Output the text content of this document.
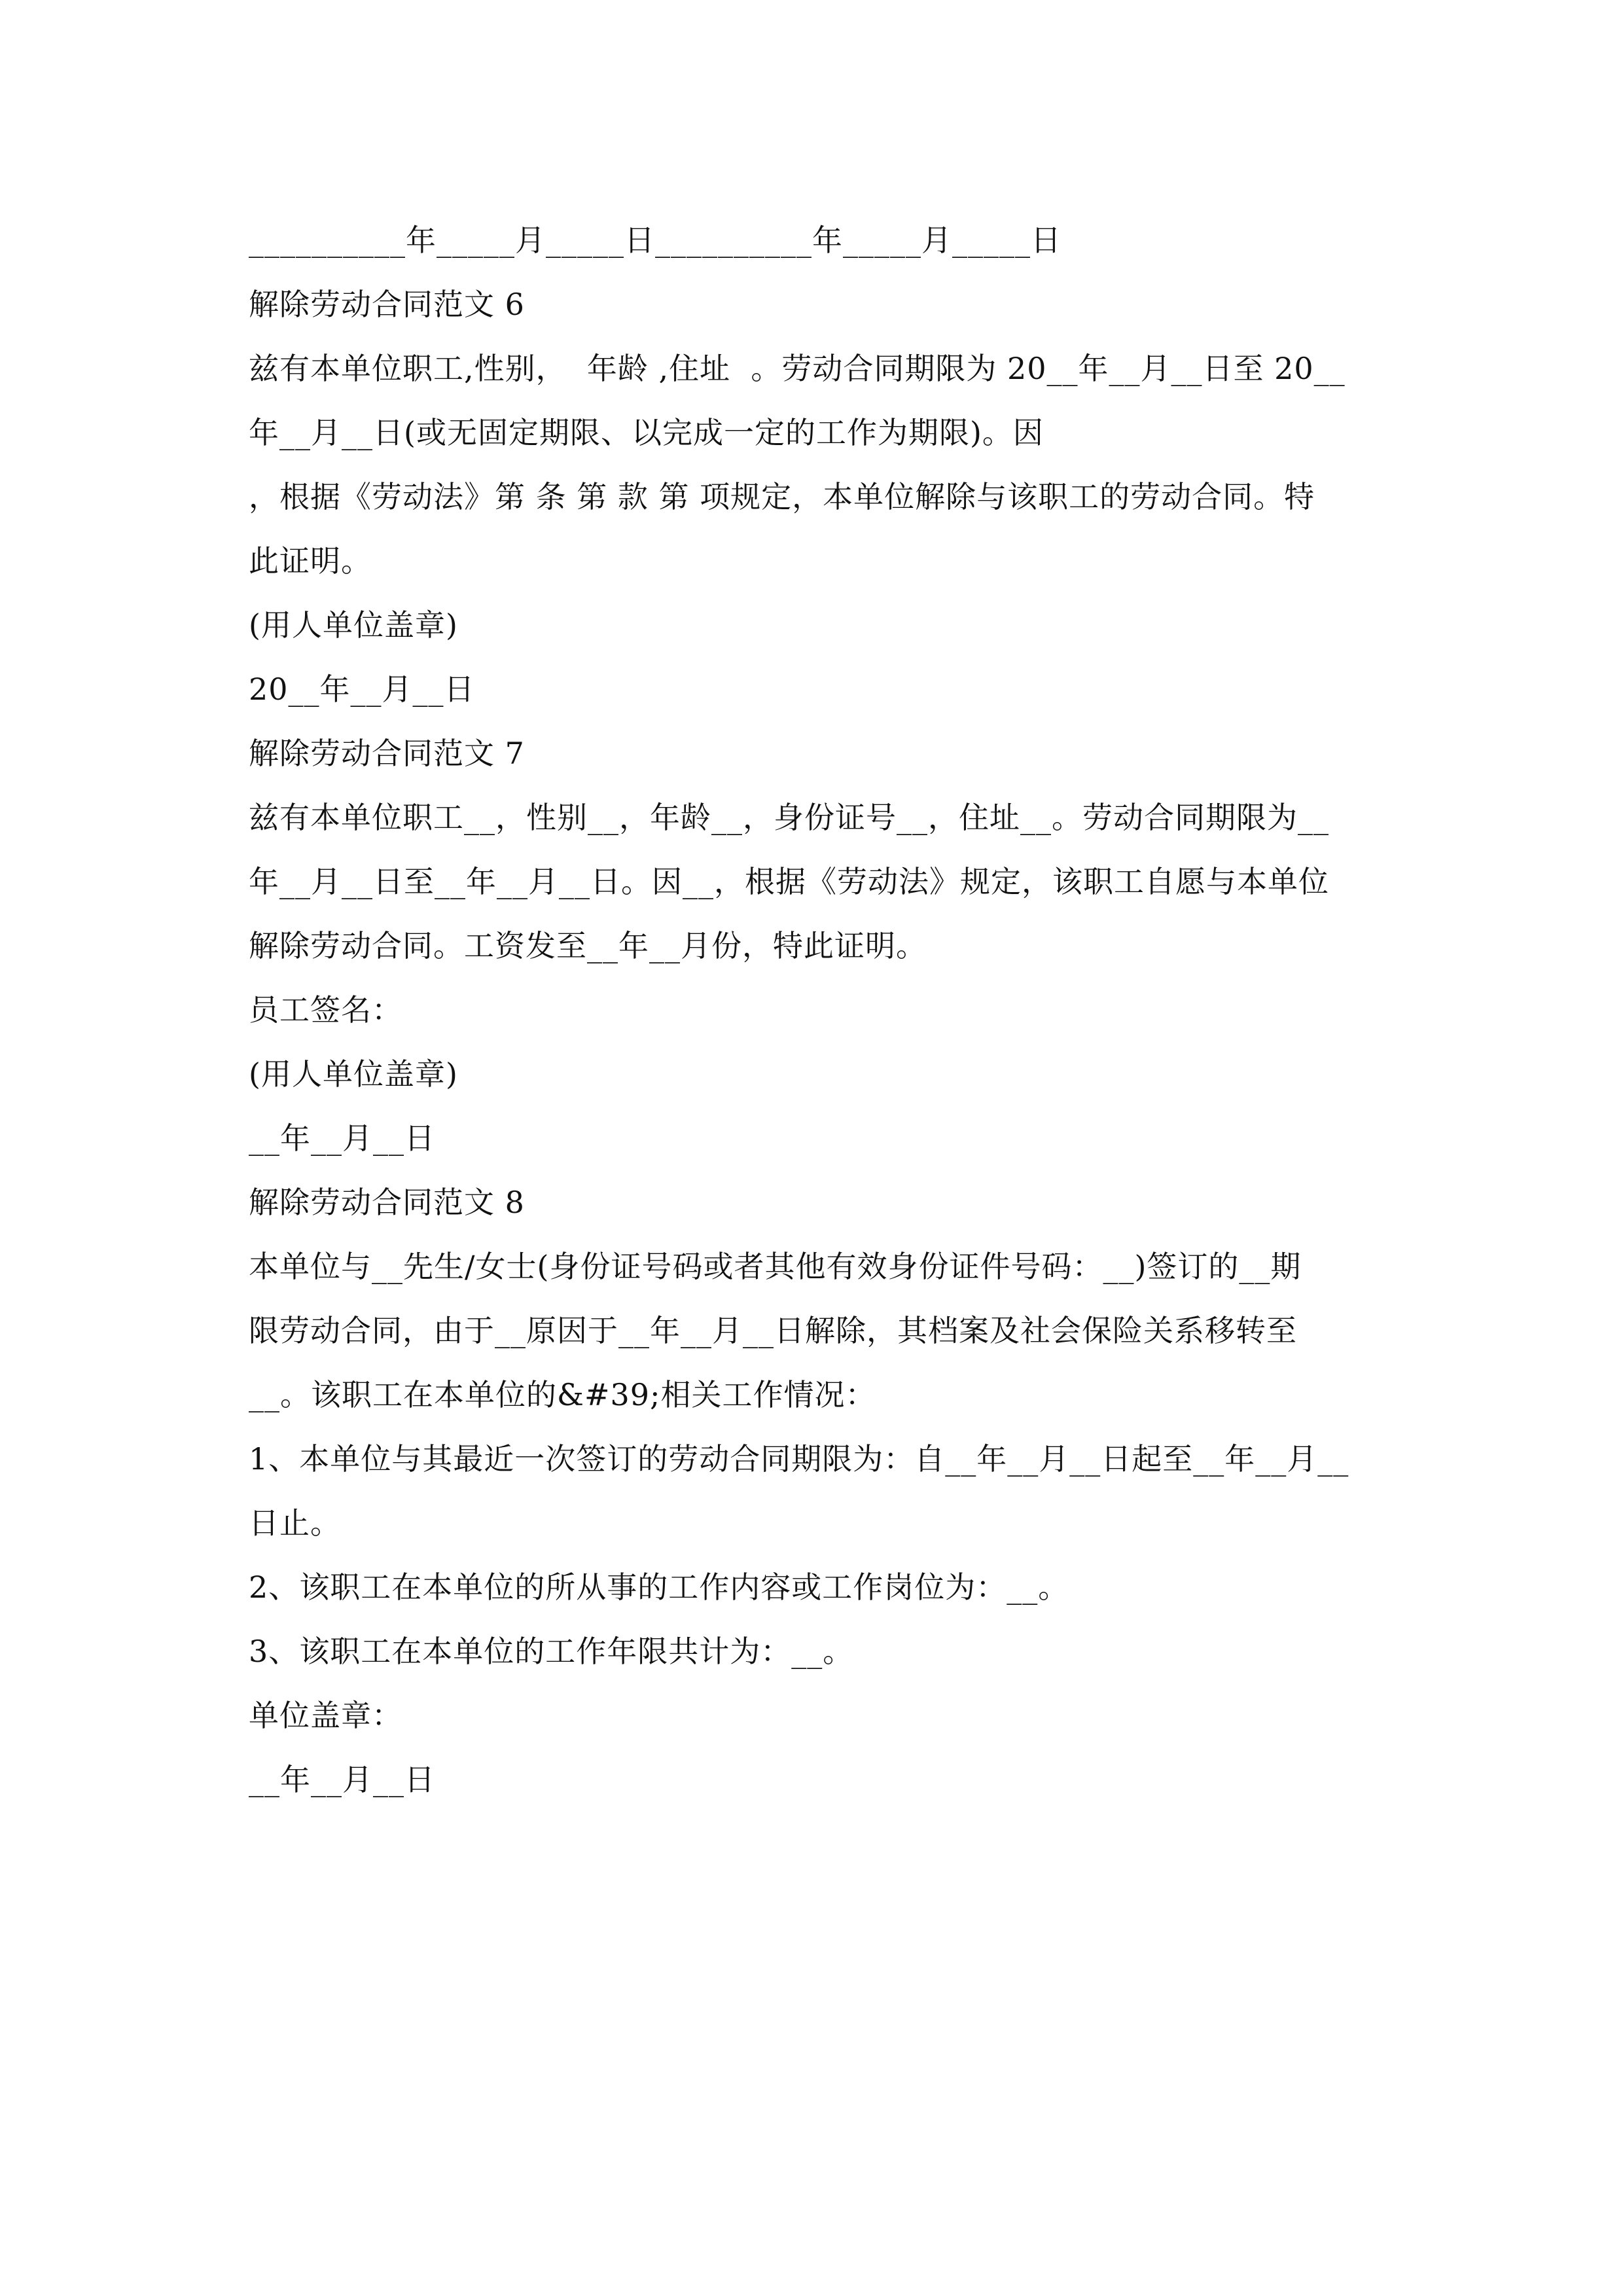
__________年_____月_____日__________年_____月_____日
解除劳动合同范文 6
兹有本单位职工,性别，  年龄 ,住址  。劳动合同期限为 20__年__月__日至 20__
年__月__日(或无固定期限、以完成一定的工作为期限)。因
，根据《劳动法》第 条 第 款 第 项规定，本单位解除与该职工的劳动合同。特
此证明。
(用人单位盖章)
20__年__月__日
解除劳动合同范文 7
兹有本单位职工__，性别__，年龄__，身份证号__，住址__。劳动合同期限为__
年__月__日至__年__月__日。因__，根据《劳动法》规定，该职工自愿与本单位
解除劳动合同。工资发至__年__月份，特此证明。
员工签名：
(用人单位盖章)
__年__月__日
解除劳动合同范文 8
本单位与__先生/女士(身份证号码或者其他有效身份证件号码：__)签订的__期
限劳动合同，由于__原因于__年__月__日解除，其档案及社会保险关系移转至
__。该职工在本单位的&#39;相关工作情况：
1、本单位与其最近一次签订的劳动合同期限为：自__年__月__日起至__年__月__
日止。
2、该职工在本单位的所从事的工作内容或工作岗位为：__。
3、该职工在本单位的工作年限共计为：__。
单位盖章：
__年__月__日
